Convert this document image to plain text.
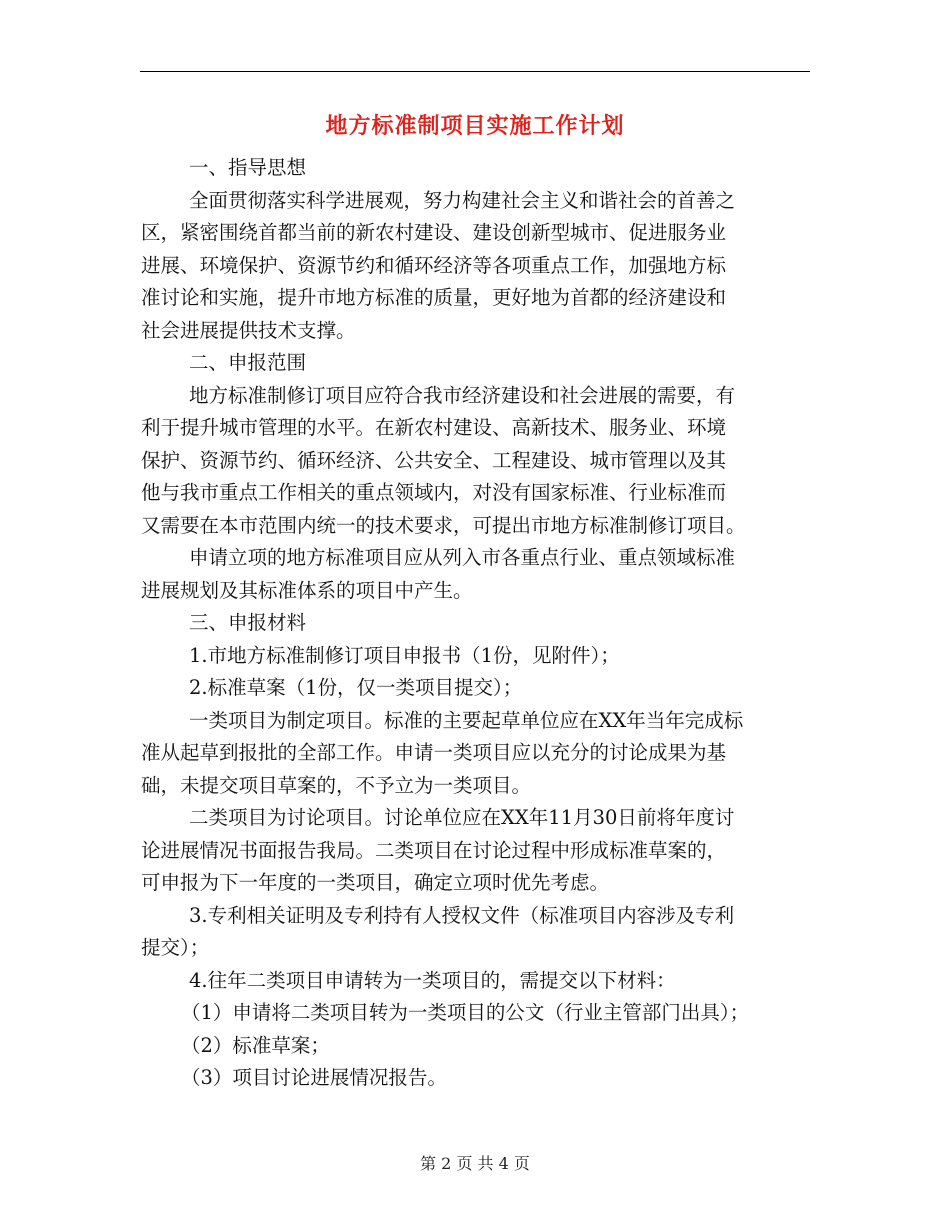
地方标准制项目实施工作计划
一、指导思想
全面贯彻落实科学进展观，努力构建社会主义和谐社会的首善之
区，紧密围绕首都当前的新农村建设、建设创新型城市、促进服务业
进展、环境保护、资源节约和循环经济等各项重点工作，加强地方标
准讨论和实施，提升市地方标准的质量，更好地为首都的经济建设和
社会进展提供技术支撑。
二、申报范围
地方标准制修订项目应符合我市经济建设和社会进展的需要，有
利于提升城市管理的水平。在新农村建设、高新技术、服务业、环境
保护、资源节约、循环经济、公共安全、工程建设、城市管理以及其
他与我市重点工作相关的重点领域内，对没有国家标准、行业标准而
又需要在本市范围内统一的技术要求，可提出市地方标准制修订项目。
申请立项的地方标准项目应从列入市各重点行业、重点领域标准
进展规划及其标准体系的项目中产生。
三、申报材料
1.市地方标准制修订项目申报书（1份，见附件）；
2.标准草案（1份，仅一类项目提交）；
一类项目为制定项目。标准的主要起草单位应在XX年当年完成标
准从起草到报批的全部工作。申请一类项目应以充分的讨论成果为基
础，未提交项目草案的，不予立为一类项目。
二类项目为讨论项目。讨论单位应在XX年11月30日前将年度讨
论进展情况书面报告我局。二类项目在讨论过程中形成标准草案的，
可申报为下一年度的一类项目，确定立项时优先考虑。
3.专利相关证明及专利持有人授权文件（标准项目内容涉及专利
提交）；
4.往年二类项目申请转为一类项目的，需提交以下材料：
（1）申请将二类项目转为一类项目的公文（行业主管部门出具）；
（2）标准草案；
（3）项目讨论进展情况报告。
第 2 页 共 4 页
